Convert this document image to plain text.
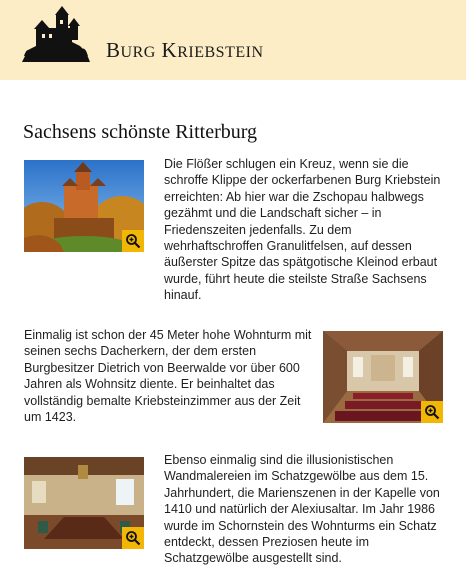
BURG KRIEBSTEIN
Sachsens schönste Ritterburg

Die Flößer schlugen ein Kreuz, wenn sie die schroffe Klippe der ockerfarbenen Burg Kriebstein erreichten: Ab hier war die Zschopau halbwegs gezähmt und die Landschaft sicher – in Friedenszeiten jedenfalls. Zu dem wehrhaftschroffen Granulitfelsen, auf dessen äußerster Spitze das spätgotische Kleinod erbaut wurde, führt heute die steilste Straße Sachsens hinauf.

Einmalig ist schon der 45 Meter hohe Wohnturm mit seinen sechs Dacherkern, der dem ersten Burgbesitzer Dietrich von Beerwalde vor über 600 Jahren als Wohnsitz diente. Er beinhaltet das vollständig bemalte Kriebsteinzimmer aus der Zeit um 1423.

Ebenso einmalig sind die illusionistischen Wandmalereien im Schatzgewölbe aus dem 15. Jahrhundert, die Marienszenen in der Kapelle von 1410 und natürlich der Alexiusaltar. Im Jahr 1986 wurde im Schornstein des Wohnturms ein Schatz entdeckt, dessen Preziosen heute im Schatzgewölbe ausgestellt sind.
